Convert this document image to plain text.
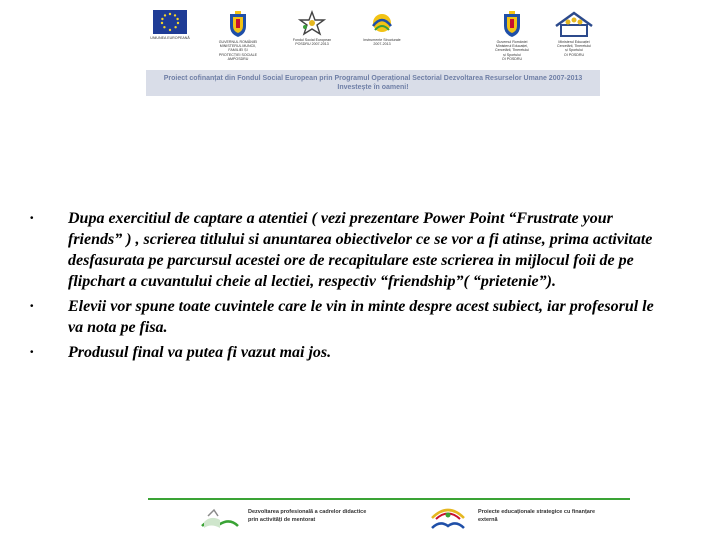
UNIUNEA EUROPEANĂ
GUVERNUL ROMÂNIEI
MINISTERUL MUNCII,
FAMILIEI ȘI
PROTECȚIEI SOCIALE
AMPOSDRU
Fondul Social European
POSDRU 2007-2013
Instrumente Structurale
2007-2013
Guvernul României
Ministerul Educației,
Cercetării, Tineretului
și Sportului
OI POSDRU
Ministerul Educației
Cercetării, Tineretului
și Sportului
OI POSDRU
Proiect cofinanțat din Fondul Social European prin Programul Operațional Sectorial Dezvoltarea Resurselor Umane 2007-2013
Investește în oameni!
• Dupa exercitiul de captare a atentiei ( vezi prezentare Power Point “Frustrate your friends” ) , scrierea titlului si anuntarea obiectivelor ce se vor a fi atinse, prima activitate desfasurata pe parcursul acestei ore de recapitulare este scrierea in mijlocul foii de pe flipchart a cuvantului cheie al lectiei, respectiv “friendship”( “prietenie”).
• Elevii vor spune toate cuvintele care le vin in minte despre acest subiect, iar profesorul le va nota pe fisa.
• Produsul final va putea fi vazut mai jos.
Dezvoltarea profesională a cadrelor didactice prin activități de mentorat
Proiecte educaționale strategice cu finanțare externă
